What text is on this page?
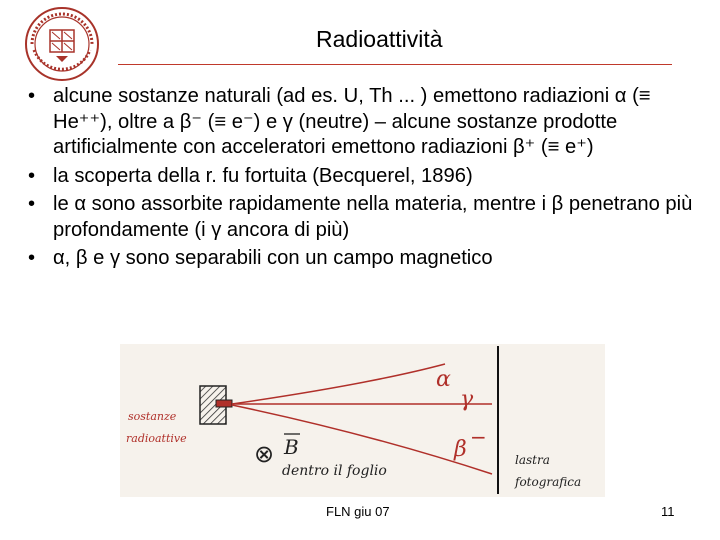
Radioattività
• alcune sostanze naturali (ad es. U, Th ... ) emettono radiazioni α (≡ He⁺⁺), oltre a β⁻ (≡ e⁻) e γ (neutre) – alcune sostanze prodotte artificialmente con acceleratori emettono radiazioni β⁺ (≡ e⁺)
• la scoperta della r. fu fortuita (Becquerel, 1896)
• le α sono assorbite rapidamente nella materia, mentre i β penetrano più profondamente (i γ ancora di più)
• α, β e γ sono separabili con un campo magnetico
sostanze
radioattive
α
γ
β −
⊗ B
dentro il foglio
lastra
fotografica
FLN giu 07	11
